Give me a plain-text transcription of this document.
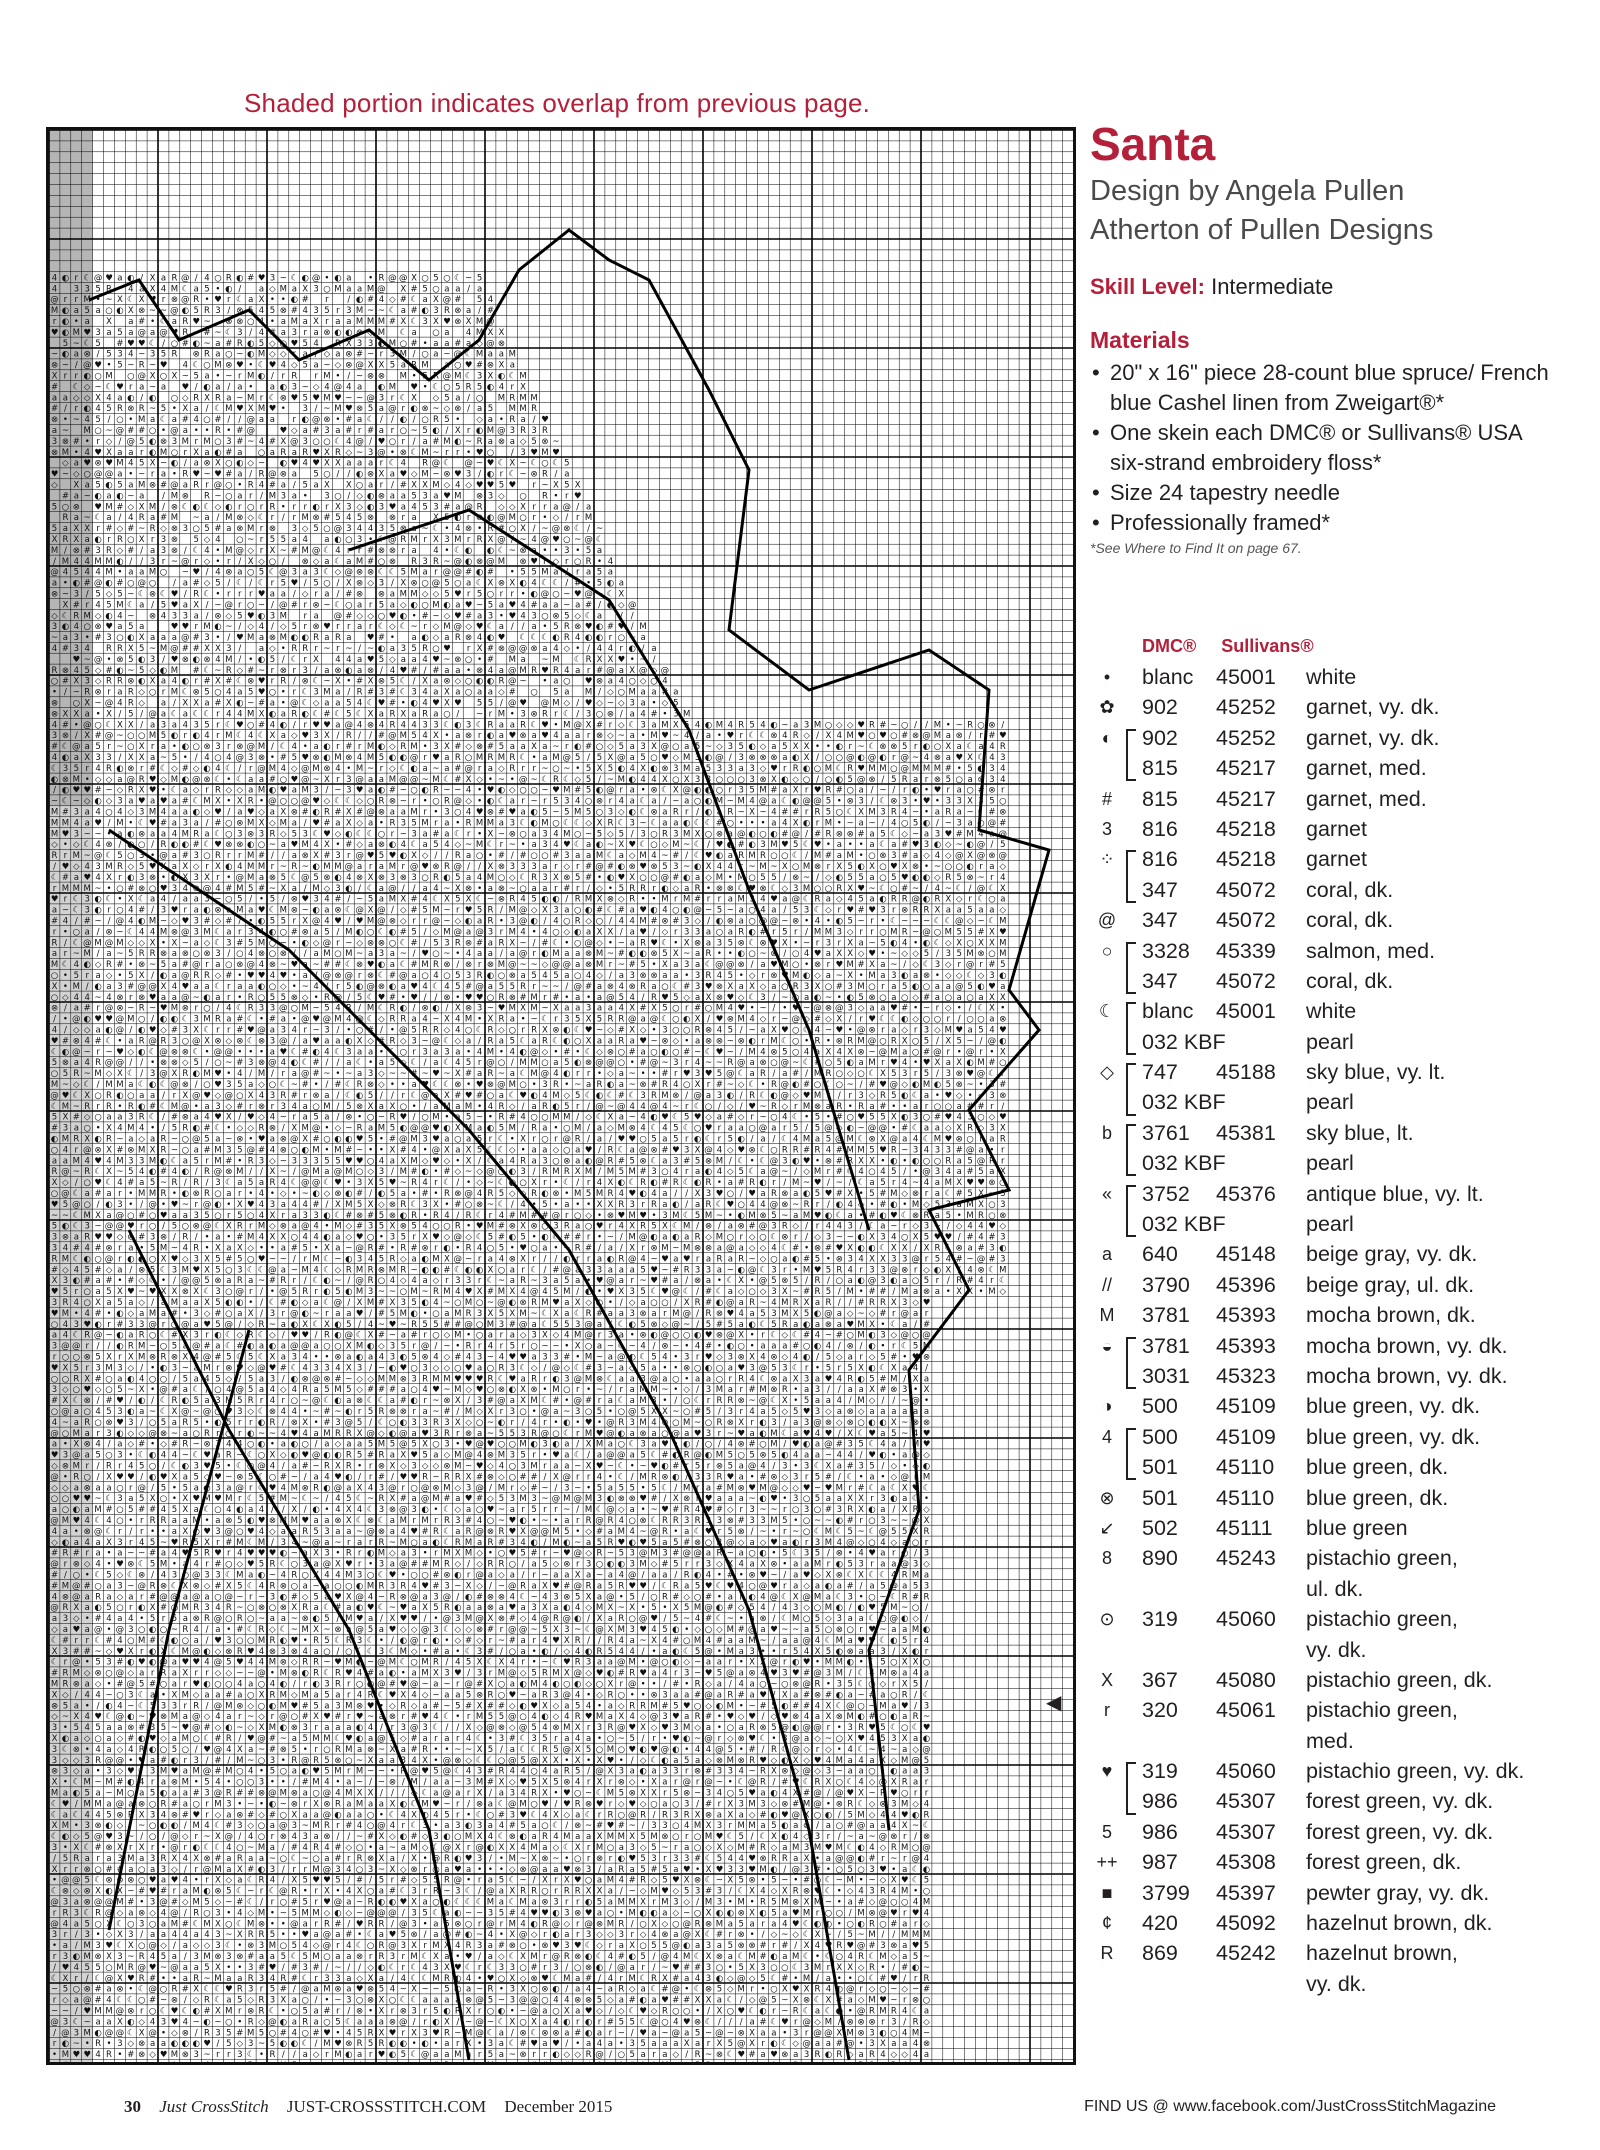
Shaded portion indicates overlap from previous page.
4 ◐ r ☾ @ ♥ a ◐ / X a R @ / 4 ○ R ◐ # ♥ 3 ~ ☾ ◐ @ • ◐ a • R @ @ X ○ 5 ○ ☾ ~ 5
4 3 3 5 R 4 a X 4 M ☾ a 5 • ◐ / a ◇ M a X 3 ○ M a a M @ X # 5 ○ a a / a
@ r r M • ~ X ☾ X ♥ r ⊗ @ R • ♥ r ☾ a X • • ◐ # r / ◐ # 4 ◇ # ☾ a X @ # 5 4
M ◐ a 5 a ○ ◐ X ⊗ ~ ~ @ ◐ 5 R 3 / ⊗ 5 4 5 ⊗ # 4 3 5 r 3 M ~ ~ ☾ a # ◐ 3 R ⊗ a / #
r ◐ • a X a # • ☾ a R ♥ ~ ⊗ ⊗ ○ 4 • a M a X r a a M M M # X ☾ 3 X ♥ ⊗ X M @
♥ ◐ M ♥ 3 a 5 a @ a @ ♥ R ~ # ~ ☾ 3 / 4 # a 3 r a ⊗ ◐ ◐ ⊗ ◇ M ☾ a ○ a 4 M X X
5 ~ ☾ 5 # ♥ ♥ ☾ / ○ # ◐ ~ a # R ◐ 5 ◇ ○ ♥ 5 4 R X 3 3 ◐ M ○ # • a a # a ◇ @ ⊗
~ ◐ a ⊗ / 5 3 4 ~ 3 5 R ⊗ R a ○ ~ ◐ M ◇ ◇ r a / ◇ a ⊗ # ~ r 3 M / ○ a ~ @ ☾ M a a M
⊗ ~ / @ ♥ • 5 ~ R ~ ♥ 4 ☾ ○ M ⊗ ♥ • ☾ ♥ 4 ◇ 5 a ~ ◇ ⊗ @ X X 5 a R M a ○ ♥ # ⊗ X a
X r r ◐ ○ M ○ @ X ○ X ~ 5 a • ~ r M ◐ / r R r M • / ~ ⊗ ⊗ M • 5 R @ M ☾ 3 X ◐ ☾ M
# ☾ ◇ ~ ☾ ♥ r a ~ a ♥ / ◐ a / a • a ◐ 3 ~ ◇ 4 @ 4 a ◐ M ♥ • ☾ ○ 5 R 5 ◐ 4 r X
a a ◇ ◇ X 4 a ◐ / ◐ ○ ◇ R X R a ~ M r ☾ ⊗ ♥ 5 ♥ M ♥ ~ ~ @ 3 r ☾ X ◇ 5 a / ○ M R M M
# / r ◐ 4 5 R ⊗ R ~ 5 • X a / ☾ M ♥ X M ♥ • 3 / ~ M ♥ ⊗ 5 a @ r ◐ ⊗ ~ ◇ ⊗ / a 5 M M R
⊗ • ~ 4 5 / ○ • M a ☾ a # 4 ○ # / / @ a a r ◐ @ ⊗ • # a ☾ / / ◐ / ○ R 5 • ◇ a • R a / ♥
a ~ M ○ ~ @ # # ○ • @ a • • R • # @	♥ ◇ a # 3 a # r # a r ○ ~ 5 ◐ / X r ◐ M @ 3 R 3 R
3 ⊗ # • r ◇ / @ 5 ◐ ⊗ 3 M r M ○ 3 # ~ 4 # X @ 3 ○ ○ ☾ 4 @ / ♥ ○ r / a # M ◐ ~ R a ⊗ a ◇ 5 ⊗ ~
⊗ M • 4 ♥ X a a r ◐ M ○ r X a ◐ # a ○ a R a R ♥ X R ◇ ~ 3 @ • ⊗ ☾ M ~ r r • ♥ ○ / 3 ♥ M ♥
◇ a ♥ ⊗ ♥ M 4 5 X ~ ◐ / a ⊗ X ○ ◐ ◇ ~ ◐ ♥ 4 ♥ X X a a a r ☾ 4 R @ ☾ @ ~ ♥ ☾ X ~ ☾ ○ ☾ 5
♥ ~ ◇ ○ @ @ a • ~ r a • R ♥ ~ ♥ # a / R @ ⊗ a 5 ○ / / ◐ ⊗ X a ♥ ◇ M ~ ⊗ ♥ 3 / ◐ r ☾ ~ ⊗ R / a
◇ X a 5 ◐ 5 a M ⊗ # @ a R r @ ○ • R 4 # a / 5 a X X ○ a r / # X X M ◇ 4 ◇ ♥ ♥ 5 ♥ r ~ X 5 X
# a ~ ◐ a ◐ ~ a / M ⊗ R ~ ○ a r / M 3 a • 3 ○ / ◇ ◐ ⊗ a a 5 3 a ♥ M ⊗ 3 ◇ ○ R • r ♥
5 ○ ⊗ ♥ M # ◇ X M / ⊗ ☾ ◐ ☾ ◇ ◐ r ○ r R • r r ◐ r X 3 ◇ ◐ 3 ♥ a 4 5 3 # a @ R ◇ ◇ X r r a @ / a
R a ~ ☾ a / 4 R a # M ~ a / M ⊗ ◇ ☾ r / r M ⊗ # 5 4 5 ⊗ ⊗ r a X 5 ◐ r ⊗ ◐ @ M ○ r • ◇ / r M
5 a X X r # ◇ # ~ R ◇ ⊗ 3 ○ 5 # a ⊗ M r ⊗ 3 ◇ 5 ○ @ 3 4 4 3 5 ⊗ a ~ ☾ • 4 ⊗ • R # ○ X / ~ @ ⊗ ☾ / ~
X R X a ◐ r R ○ X r 3 ⊗ 5 ◇ 4 ○ ~ r 5 5 a 4 a ◐ ○ 3 • ☾ @ R M r X 3 M r R X @ / ~ 4 @ ♥ ○ ~ @ ☾
M / ⊗ # 3 R ◇ # / a 3 ⊗ / ☾ 4 • M @ ◇ r X ~ # M @ ☾ 4 r r # ⊗ ⊗ r a 4 • ☾ ◐ ◐ ☾ ~ ⊗ a • • 3 • 5 a
/ M 4 4 M M ◐ / / 3 r ~ @ r ◇ • r / X ◇ ○ / ⊗ ◇ a ☾ a M # ○ ⊗ R 3 R ~ @ ◐ ⊗ @ M ⊗ ♥ r ◇ r ○ R • 4
@ 4 5 4 4 M • a a M ○ ~ ♥ / 4 ⊗ a ○ 5 ☾ @ 3 a 3 ☾ ◇ @ ⊗ ⊗ ☾ ☾ 5 M a r @ @ # ◐ # • 5 5 M a / r a 5 a
a • ◐ # @ ◐ # ○ @ ○ / a # ◇ 5 / ☾ / ☾ r 5 ♥ / 5 ○ / X ⊗ ◇ 3 / X ⊗ ○ @ 5 ○ a ☾ X ⊗ X ◐ 4 ☾ ☾ / # • 5 ◐ a
⊗ ~ 3 / 5 ◇ 5 ~ ☾ ⊗ ☾ ♥ / R ☾ • r r r ♥ a a / ◇ r a / # ⊗ ⊗ a M M ◇ ◇ 5 ♥ r 5 ○ r r • ◐ @ ○ ~ ♥ @ ~ ☾ X
X # r 4 5 M ☾ a / 5 ♥ a X / ~ @ r ○ ~ / @ # r ⊗ ~ ☾ ○ a r 5 a ◇ ◐ ○ M ◐ a ♥ ~ 5 a ♥ 4 # a a ~ a # / ◐ ◇ @
◇ ☾ R M ◇ ◐ 4 ~ ⊗ 4 3 3 a / ⊗ ◇ 5 ♥ ◐ 3 M r a @ # ◇ ◇ ○ ♥ ◐ • # ~ ◇ ♥ # a 3 • ♥ 4 3 ○ ⊗ 5 ◇ ☾ a / /
3 ◐ 4 ○ ⊗ ♥ a 5 a	♥ ♥ r M ◐ ~ / ◇ 4 / ◇ 5 r ⊗ ♥ r r a r ☾ ◇ ☾ ~ r ◇ M @ ◇ ♥ ☾ a / / a • 5 R ⊗ ♥ ◐ # ♥ / M
~ a 3 • # 3 ○ ◐ X a a a @ # 3 • / ♥ M a ⊗ M ◐ ◐ R a R a ♥ # • a ◐ ◇ a R ⊗ 4 ◐ ♥ ☾ ☾ ☾ ◐ R 4 ◐ ◐ r ○ ~ a
4 # 3 4 R R X 5 ~ M @ # # X X 3 / a ◇ • R R r ~ r ~ / ~ ◐ a 3 5 R ○ ♥ r X # ⊗ @ @ ⊗ a 4 ◇ • / 4 4 r ◐ / a
♥ ~ @ • ⊗ 5 ◐ 3 / ♥ ⊗ ◐ ⊗ 4 M / • ◐ 5 / ☾ r X 4 4 a ♥ 5 ◇ a a 4 ♥ ~ ⊗ ○ • # M a ~ M ☾ R X X ♥ • ~ /
R ⊗ 4 5 ◇ # ◐ ~ 5 ◇ ◐ M # ☾ ~ R ◇ # ~ r ⊗ r 3 / a ⊗ ◐ a ⊗ / 4 ♥ # / # a a • ⊗ 4 a @ M R ♥ R 4 a r # @ a X @ ◇ @
○ # X 3 ◇ R R ⊗ ◐ X a 4 ◐ r # X # ☾ ⊗ ♥ r R / ⊗ ☾ ~ X • # X ⊗ 5 ☾ / X a ⊗ ◇ ○ ◐ ◐ R @ ~ • a ○ ♥ ⊗ a 4 ○ ◇ ○ 4
• / ~ R ⊗ r a R ◇ ○ r M ☾ ⊗ 5 ○ 4 a 5 ♥ ○ • r ☾ 3 M a / R # 3 # ☾ 3 4 a X a ○ a a ◇ # ○ 5 a M / ◇ ○ M a a # a
⊗ ○ X ~ @ 4 R ◇ a / X X a # X ◐ ~ # a • @ ☾ ◇ a a 5 4 ☾ ♥ # • ◐ 4 ♥ X ♥ 5 5 / @ ♥ @ M ◇ / ♥ ◇ ~ ◇ 3 a • ◇ 5
⊗ X X a • X / 5 / @ a ☾ a ☾ ☾ r 4 4 M X ◐ a R ◐ ☾ # ☾ 5 ☾ X a R X a R a ○ / ~ r M • 3 ⊗ R r ☾ / 3 ○ ⊗ / a 4 # • 3 M
4 # • @ ○ ☾ X X / a 3 a 4 3 5 r ☾ ♥ ○ # 4 ◐ / r ♥ ♥ a @ 4 ⊗ 4 R 4 4 3 3 ☾ ◐ 3 ☾ R a a R ☾ ♥ • M @ X # r ◇ ☾ 3 a M X 5 4 ◐ M 4 R 5 4 ◐ ~ a 3 M ○ ◇ ◇ ♥ R # ~ ○ / / M • ~ R ○ ⊗ /
3 ⊗ / X # @ ~ ○ ○ M 5 ◐ r ◐ 4 r M ☾ 4 ☾ X a ◇ ♥ 3 X / R / / # @ M 5 4 X • a ⊗ r ◐ a ♥ ⊗ a ♥ 4 a a r ⊗ ◇ ~ a • M ♥ ~ 4 / a • ♥ r ☾ ☾ ⊗ 4 R ◇ / X 4 M ♥ ○ ♥ ○ # ⊗ @ M a ⊗ / r # ♥
# ☾ @ a 5 r ~ ○ X r a • ◐ ○ ⊗ 3 r ⊗ @ M / ☾ 4 • a ◐ r # r M ◐ ◇ R M • 3 X # ◇ ⊗ # 5 a a X a ~ r ◐ # ○ ◇ 5 a 3 X @ ○ a 5 ~ ◇ 3 5 ◐ ◇ a 5 X X • • ◐ r ~ ☾ ⊗ ⊗ 5 r ◐ ○ X a ☾ a 4 R
4 ◐ a X 3 3 / X X a ~ 5 • / 4 ○ 4 @ 3 ⊗ • # 5 ♥ ⊗ ◐ M ⊗ 4 M 5 ◐ ◐ @ r ♥ a R ○ M R M R ☾ • a M @ 5 / 5 X @ a 5 ○ ♥ ◇ M 3 ◐ @ / 3 ⊗ ⊗ ⊗ a ◐ X / ○ ○ @ ◐ @ ◐ r @ ~ 4 ⊗ a ♥ X ☾ 4 3
☾ 3 5 r 4 R ◐ ⊗ r # ☾ ◇ # ◇ ◐ 4 ☾ / r @ M 4 ◇ @ M ⊗ 4 • M ~ r ◇ ☾ ◐ a ~ a # @ r a ◇ R r r ~ ○ ~ • 5 X 5 ◐ 4 X ◐ ⊗ 3 M a 5 3 3 a 3 ◇ ♥ r R ◐ ○ M ☾ R ♥ M M ○ @ M M M # • 5 ◐ 3 4
◐ ⊗ M • ◇ ◇ a @ R ♥ ◇ M ◐ @ ⊗ ☾ • ☾ a a # ○ ♥ @ ~ X r 3 @ a a M @ @ ~ M ☾ # X ◇ • ~ • @ ~ ☾ R ☾ ◇ 5 / ~ M ◐ 4 4 X ○ X 3 3 ○ ○ ○ 3 ⊗ X ◐ ◇ ○ / ○ ◐ 5 @ ⊗ / 5 R a r ⊗ 5 ○ a ⊗ 3 4
/ ◐ ♥ ♥ # ~ ◇ R X ♥ • ☾ a ◇ r R ◇ ◇ a M ◐ ♥ a M 3 / ~ 3 ♥ a ◐ # ~ ○ ◐ R ~ ~ 4 • ♥ ◐ ◇ ○ ○ ~ ♥ M # 5 ◐ @ r a • ⊗ ☾ X @ ◐ ◐ ○ r 3 5 M # a X r ♥ R # ○ a / ~ / r ◐ • ♥ r a ○ # ⊗ r
~ ☾ ~ ◇ ◐ ◇ 3 a ♥ a ♥ a # ☾ M X • X R • @ ○ ○ @ ♥ ◇ ☾ ☾ ◇ ○ R ⊗ ~ r • ○ R @ ◇ • ◐ ☾ a r ~ r 5 3 4 ○ ⊗ r 4 a ☾ a / ~ a ○ ◐ M ~ M 4 @ a ☾ ◐ @ @ 5 • ⊗ 3 / ☾ ⊗ 3 • ♥ • 3 3 X 3 5 ○
M # 3 a 4 ○ 4 ◇ 3 M 4 a a ◐ ◇ ♥ / a ♥ ◇ a X ⊗ # ◐ R # X # @ ⊗ a a M r • 3 ○ 4 ♥ ⊗ # ♥ a ◐ 5 ~ 5 M 5 ○ 3 ◇ ◐ ☾ ⊗ a R r / ◐ a R ~ X ~ 4 # # r R 5 ○ ☾ X M 3 R 4 ~ • a R a ~ ☾ # ⊗
M M 4 a ♥ / M • ☾ ♥ # a 3 a / # ○ ⊗ M X ◇ M a / ♥ # a X ◇ a • R 3 5 M r a • R M M a 3 ☾ ◐ M ○ ☾ ☾ ◇ X R ☾ 3 ~ ☾ a a ◐ ☾ ☾ # ○ • • • a 4 X ◐ r M • ~ a ~ / 4 ○ 5 ◐ / ~ 3 a ○ @ #
M ♥ 3 ~ ~ • a ◐ ⊗ a a 4 M R a ☾ ○ 3 ⊗ 3 R ◇ 5 3 ☾ ♥ ◇ ◐ ☾ ☾ ○ r ~ 3 a # a ☾ r • X ~ ⊗ ○ a 3 4 M ○ ~ 5 ◇ 5 / 3 ○ R 3 M X ○ ⊗ a @ ◐ ○ ◐ # @ / # R ⊗ ⊗ # a 5 ☾ ◇ ~ a 3 ♥ # M 4 a @
◇ • ◇ ☾ 4 ⊗ / ◐ ○ / R ◐ ◐ # ☾ ♥ ⊗ ⊗ ◐ ○ ~ a ♥ M 4 X • # ◇ a ⊗ ◐ 4 ☾ a 5 4 ◇ ~ M ☾ r ~ • a 3 4 ♥ ☾ a ◐ ~ X ♥ ☾ ○ ◇ M ~ ☾ / ♥ ◐ # ◐ 3 M ♥ 5 ☾ ♥ • a • • a ☾ a # ♥ 3 ◐ ◇ ~ ◐ @ / 5
R r M ~ @ ☾ 5 ○ 3 • @ a # 3 ○ R r r M # / / a ⊗ X # 3 r @ ♥ 5 ♥ ◐ X ◇ / / R a ○ • # / # ○ ○ # 3 a a M ☾ a ◇ M 4 ~ # / ☾ ♥ ◐ a R M R ○ ○ ☾ / M # a M • ○ ⊗ 3 # a ◇ 4 ◇ @ X @ ⊗ @
/ ♥ ◇ 4 3 M R ◇ 5 ♥ X a X ◇ r X ◐ 4 M M r ~ R ~ ◐ M M @ a r a M r @ ♥ ⊗ R @ / / X ⊗ 3 3 3 a r ◇ r # @ # ◐ ⊗ ♥ ⊗ 5 3 ~ ◐ X 4 4 r ~ M ~ X ○ M ⊗ r X 5 ◐ X ○ ♥ X ⊗ • ~ ○ ○ ◐ r a ◇
☾ # a ♥ 4 X r ◐ 3 ⊗ • ◐ X 3 X r • @ M a ⊗ 5 ☾ @ 5 ⊗ ◐ 4 ⊗ X ⊗ 3 ⊗ 3 ○ R ◐ 5 a 4 M ○ ◇ ☾ R 3 X ⊗ 5 # • ◐ ♥ X ○ ○ @ # ◐ a ◇ M • M ○ 5 5 / ⊗ ~ / ◇ ◐ 5 5 a ○ 5 ♥ ◐ ◐ ◇ R 5 ⊗ ~ r 4
r M M M ~ • ○ # ⊗ ○ ♥ 3 4 ⊗ @ 4 # M 5 # ~ X a / M ◇ 3 ◐ / ☾ a @ / / a 4 ~ X ⊗ • a ⊗ ~ ○ a a r # r / ◇ • 5 R R r ◐ ◇ a R • ⊗ ⊗ ☾ ♥ ⊗ ☾ ◇ 3 M ○ ○ R X ♥ ~ ☾ ○ # ~ / 4 ~ ☾ / @ ☾ X
♥ r ☾ 3 ◐ ☾ • X ☾ a 4 / a a 3 ~ ○ 5 / • 5 / ⊗ ♥ 3 4 # / ~ 5 a M X # 4 ☾ X 5 X ☾ ~ ⊗ R 4 5 ◐ ◐ / R M X ⊗ ◇ R • • M r M # r r a M 3 4 ♥ a @ ☾ R a ◇ 4 5 a ◐ R R @ ◐ R X ◇ r ☾ ○ a
a ~ ☾ 3 ◐ r ○ 4 # / 3 ♥ r a ◐ ⊗ a M a ♥ ☾ M ⊗ ~ ◐ a ⊗ ☾ @ X @ / ◇ # 5 M ~ r ♥ 5 R / M @ ◇ X 3 a ○ ◐ # ☾ # a ♥ ◐ 4 ○ ◐ @ ~ 5 ~ a ○ 4 a / 5 3 ☾ ◇ r ♥ # ♥ 3 r ⊗ R R X a a 5 a a ◇
# 4 / # ~ / @ 4 ◐ M ~ ◇ ♥ 3 # ◇ # / • ◐ 5 5 r X @ 4 ♥ / ♥ M @ ⊗ ◇ r r @ ~ ◇ ◐ a R • 3 @ ◐ / 4 ○ R ◇ ○ / 4 4 M # ⊗ # 3 ◇ / ◐ ⊗ a ○ @ @ ~ ⊗ • 4 • ◐ 5 ~ r • ☾ ~ ~ ~ ☾ ☾ @ ◇ ~ ☾ M
r • ○ a / ⊗ ~ ☾ 4 4 M ⊗ @ 3 M ☾ a r 3 4 ◐ ○ # ⊗ a 5 / M ◐ ○ ☾ ◐ # 5 / ◇ M @ a @ 3 r M 4 • 4 ○ ◇ ◐ a X X / a ♥ / ◇ r 3 3 a ○ a R ◐ # r 5 r / M M 3 ◇ r r ○ M R ~ @ ○ M 5 5 # X ♥
R / ☾ @ M @ M ◇ ◇ X • X ~ a ◇ ☾ 3 # 5 M ○ ~ • ◐ ◇ @ r ~ ◇ ⊗ ⊗ ○ ☾ # / 5 3 R ⊗ # a R X ~ / # ☾ • ○ @ ◇ • ~ a R ♥ ☾ • X ⊗ a 3 5 ⊗ ☾ ⊗ ♥ X • ~ r 3 r X a ~ 5 ◐ 4 • ◐ ☾ ◇ X ○ X X M
a r ~ M / a ~ 5 R R ⊗ a ⊗ ○ ⊗ 3 / ○ 4 ⊗ ○ ⊗ / / a M ○ M ~ a 3 a ~ / ♥ ○ ~ • 4 a a / a @ r ◐ M a a ⊗ M ~ # ◐ ◐ ⊗ 5 X ~ a R • • ◐ ○ ~ ⊗ / ○ 4 ♥ a X X ◇ ♥ • ~ ◇ ◇ 5 / 3 5 M ⊗ ○ M
M ☾ 4 ◐ ◇ R # • ⊗ ~ 5 a # @ r a ○ ⊗ @ 4 ⊗ ~ ♥ a ~ # # ☾ ⊗ ♥ ◐ a ☾ # M R ⊗ / ⊗ r ⊗ M @ ~ ~ ◇ @ @ a ⊗ M r ~ # 5 • X a 3 a ☾ @ @ ⊗ / a ♥ M ○ • ⊗ r ♥ M # X a ~ / ◇ ☾ 3 ◇ r @ r # 5
○ • 5 r a ◇ • 5 X / ◐ a @ R R ◇ # • ♥ ♥ 4 ♥ • a / @ ⊗ @ r ⊗ ☾ # @ a ○ 4 ○ 5 3 R ◐ ○ ⊗ a 5 4 5 a ○ 4 ◇ / a 3 ⊗ ⊗ a a • 3 R 4 5 • ◇ r ⊗ ♥ M ◐ ◇ a ~ X • M a 3 ◐ a ⊗ • ◇ ◇ ☾ ◇ 3 ◐
X • M / ◐ a 3 # @ @ X 4 ♥ a a ☾ r a a ◐ ○ ◇ • ~ 4 / r 5 ◐ @ ⊗ ◐ a ♥ 4 ☾ 4 5 # @ a 5 5 R r ~ ~ / @ # a ⊗ 4 ⊗ R a ○ ☾ # 3 ♥ ⊗ X a X ◇ a ○ R 3 X ○ # 3 M ○ r a 5 ◐ ○ a a @ 5 ◐ ♥ a
○ ◇ 4 4 ~ 4 ⊗ r ⊗ ♥ a a @ ~ ◐ a r • R ○ 5 5 ⊗ ◇ • R @ / 5 ☾ ♥ # • ♥ / / ⊗ • ♥ ♥ ○ R ⊗ # M r # • a • a @ 5 4 / R ♥ 5 ◇ a X ⊗ ♥ ◇ ☾ 3 / ~ ○ a ◐ ~ • ◐ 5 ⊗ ○ a ○ ◇ # a ○ a ○ a X X
⊗ / a # r @ ⊗ ~ R ~ ♥ M ⊗ r ○ / 4 ☾ R 3 3 @ ○ M ~ 5 4 R / M ☾ R ◐ / ⊗ ◐ / X ⊗ 3 ~ ♥ M X M ~ X a a 3 a a 4 X # X 5 ○ r # ○ M 4 ♥ • ~ / • ♥ ~ @ ⊗ @ 3 ◇ a a ♥ # • ~ r ◇ • / ☾ X •
/ • @ ◐ ♥ ♥ @ M ○ / ◐ ◐ ☾ 3 M R a # ☾ • # a • @ ♥ @ M 4 @ ☾ ◇ R R a 4 ~ X 4 M • X R a • ~ ☾ r 3 5 X 5 R R @ a @ ☾ ○ ◐ X / ♥ ⊗ M 4 ◇ r ~ @ ◇ # ◇ X / r ♥ ☾ ☾ ◐ ◇ ○ ○ r / ○ ○ a ⊗
4 / ◇ ◇ a ◐ @ / ◐ ♥ ◇ # 3 X ☾ r r # ♥ @ a 3 4 r ~ 3 / • ○ # / • @ 5 R R ◇ 4 ○ ☾ R ◇ ○ r R X ⊗ ◐ ☾ ♥ ~ ◇ # X ◇ • 3 ○ ○ R ⊗ 4 5 / ~ a X ♥ ○ ☾ 4 ~ ♥ • @ ⊗ r a ◇ r 3 ◇ M ♥ a 5 4 ♥
♥ # ⊗ 4 # ☾ • a R @ R 3 ○ @ X ⊗ ◇ ⊗ ☾ ⊗ 3 @ / a ♥ a a ◐ X ◇ # R ◇ 3 ~ @ ☾ ◇ a / R a 5 ☾ a R ☾ ◐ ○ X a a R a ♥ ~ ⊗ ◇ • a ⊗ ⊗ ~ ⊗ ◐ r M ☾ ○ • R • ⊗ R M @ ○ R X ○ 5 / X 5 ~ / @ ◐
☾ ◐ @ ~ r ~ ♥ ◇ ◐ ☾ @ ⊗ ⊗ ☾ • @ @ • • • a ♥ ☾ # ◐ 4 ☾ 3 a a • ☾ ○ r 3 a 3 a • 4 M • 4 ◐ @ ◇ • # • ☾ ◇ ⊗ ○ # a ○ ◐ ○ # ~ ☾ ♥ ~ / M 4 ⊗ 5 ○ 4 a X 4 X ⊗ ~ @ M a ○ # @ r • @ r • X
5 ⊗ a 4 R @ @ / / • ⊗ ⊗ ◇ 5 / ○ ~ # 3 ⊗ @ 4 ◐ ☾ # / / a ☾ • a 5 ◇ ☾ / a ☾ 4 5 r @ ○ / M M ○ a 5 ◐ ⊗ @ @ ○ • # @ ~ 3 r 4 ~ ~ R @ a ⊗ ○ @ ~ ☾ # ○ 5 ◐ a M r ♥ 4 • ♥ X a X ◐ M # ○
○ 5 R ~ M ◇ X ☾ / 3 @ X R ◐ M ♥ • 4 / M / r a @ # ~ • ~ a 3 ◇ ~ ~ # ~ ♥ ~ X # a R ~ a ☾ M @ 4 ◐ r r • ◇ a ~ • • # r ♥ 3 ♥ 5 @ ☾ a R / a # / M R ○ ◇ ○ ☾ X 5 3 r 5 / 3 ⊗ ♥ @ ☾ r
M ~ ◇ ☾ / M M a ☾ ◐ ☾ @ ⊗ / ○ ♥ 3 5 a ◇ ○ ☾ ~ # • / # ☾ R ⊗ ◇ • • a ♥ ☾ ☾ ⊗ • ♥ ⊗ @ M ○ • 3 R • ~ a R ◐ a ~ ⊗ # R 4 ○ X r # ~ ◇ ☾ • R @ ◐ # ○ ☾ ○ ~ / # ♥ @ ◇ ◐ M ◐ 5 ⊗ ~ • 3 #
@ ♥ ☾ X ○ R ◐ ○ a a / r X @ ♥ ◇ @ ○ X 4 3 R # r ⊗ a / ☾ ◐ 5 / / r ☾ @ a X # ♥ # ○ a ☾ ♥ ◐ 4 M ◇ 5 ☾ ◐ ☾ # ☾ 3 R M ⊗ / @ a 3 ◐ / R ☾ ◐ @ ◇ ♥ M r / r 3 ◇ R 5 ◐ ☾ a • ♥ ◇ • ~ 3 ⊗
☾ M ~ R r R • R ◐ # ☾ M @ • a 3 ◇ # r ⊗ r 3 4 a ○ M / 5 ⊗ X a X ○ • / a M a M • 4 R ◇ / a R ◐ 5 r / @ ~ @ 4 4 @ 4 ~ r ☾ ○ / ◇ / ♥ ~ R ◇ r M ⊗ a R • R a # • • a r ○ ○ a # # r /
5 X # ◇ ○ a a 3 R ☾ / # ⊗ a 4 ♥ X / ♥ ◇ 4 ~ r a 5 a / ⊗ • ○ ~ R ♥ / ○ M • a 5 ~ • R # 4 ○ ○ M M / ◇ ☾ X a ~ 4 ◐ ♥ ☾ 5 ♥ ◇ a # ◇ r ~ ○ 4 ☾ • 5 • # ○ ♥ 5 5 X ◐ 3 ○ # ♥ 4 3 ○ ◇ ♥
# 3 a ○ • X 4 M 4 • / 5 R ◐ # ☾ • ◇ ◇ R ⊗ / X M @ • ◇ ~ R a M 5 ◐ @ @ ♥ ◐ X M a ◐ 5 M / R a • ○ M / a ◇ M ⊗ 4 ☾ 4 5 ☾ ○ ♥ r a a ○ @ a r 5 / 5 @ ◇ ◐ ~ @ @ • # ☾ a a ◇ X R ◇ 3 X
◐ M R X ◐ R ~ a ◇ a R ~ ○ @ 5 a ~ ⊗ • ♥ a ⊗ @ X # ○ ◐ ◐ ♥ 5 • # @ M 3 ♥ a ○ a 5 r ☾ • X r ○ r @ R / a / ♥ ♥ ○ 5 a 5 r ◐ ☾ r 5 ◐ / a / ☾ 4 M a 5 @ M ☾ ⊗ X @ a 4 ☾ M ♥ ⊗ ○ r a R
○ 4 r @ ⊗ X # ⊗ M X R ~ ○ a # M 3 5 @ # 4 ⊗ ○ ◐ M • M # ~ • • X # 4 • @ X a X 5 ☾ ☾ ◇ • a a ◇ ○ a ♥ / R ☾ a @ ⊗ # ♥ 3 X @ 4 ◇ ♥ ⊗ ☾ ○ R R # R 4 # M M 5 ♥ R ~ 3 4 3 3 # @ a • r
a a M 4 ♥ 4 M 3 3 M ◐ ☾ a 5 r M # • R 3 ◇ ~ 3 3 3 5 5 ♥ ♥ ○ 4 a X M ◇ ♥ ◇ • X / ☾ a 4 R a 3 ○ ⊗ a ◐ @ R # 5 ⊗ ☾ a 3 # 5 ⊗ M / ☾ • ☾ @ 3 ◐ ♥ • ⊗ # R X X • ◐ • ◐ ○ ○ R a 5 @ R r
R @ ~ R ☾ X ~ 5 4 ◐ # 4 ◐ / R @ ⊗ M / / X ~ / @ M a @ M ○ ◇ 3 / M # ◐ • # ◇ ~ ◇ @ ○ ◐ 3 / R M R X M / M 5 M # 3 ○ 4 r a ◐ 4 ◇ 5 ☾ a @ ~ / ◇ M r # ☾ 4 ○ 4 5 / • @ 3 4 a # 5 a X
X ◇ / ○ ♥ ☾ 4 # a 5 ~ R / R / 3 ☾ a 5 a R 4 ☾ @ @ ☾ ♥ • 3 X 5 ♥ ~ R 4 r ☾ / • ◇ ~ ☾ ◐ ○ X r • ☾ / r 4 X ◐ ☾ R ◐ # R ☾ ◐ R • a # R ◐ r / M ~ ♥ / ~ / ☾ a 5 r 4 ~ 4 a M X ♥ ♥ ⊗ ○
○ @ ☾ a # a r • M M R • ◐ ⊗ R ○ a r • 4 • ◇ • ~ ◐ ◇ ⊗ ◐ # / ◐ 5 a • # • R ⊗ @ 4 R 5 ◇ ◇ R ◐ ⊗ • M 5 M R 4 ♥ ◐ 4 a / / X 3 ♥ ○ / ♥ a R ⊗ a ◐ 5 ♥ # X • 5 # M ◇ ⊗ r a ☾ # 5 X ~ 3
♥ 5 @ ○ / ◐ 3 • / @ • ♥ ~ r @ ◐ • X ♥ 4 3 a 4 4 # / X M 5 X ◇ ⊗ R ☾ 3 X • # ○ ⊗ ~ ☾ / 4 • 5 • a • • X X R 3 r R a ◐ / a R ☾ ♥ ○ 4 4 @ ⊗ ~ R r / ◐ 4 ◇ • # ◐ • M ◇ 5 3 a M X ○ 3
~ ~ ☾ M X a @ ○ # ○ ♥ a a 3 5 ○ r 5 ○ 4 X r a 3 3 ◐ ☾ # ⊗ # 5 ⊗ ◐ R • R 4 / R ☾ r 4 # M # # @ r ○ ◇ • ⊗ ♥ M ♥ • 3 M ☾ 5 M ~ • ◐ M ⊗ 5 ~ a M ♥ ◐ ☾ a • # ◐ ♥ ☾ ⊗ R a 5 • M R ○ ⊗
5 ◐ ☾ 3 ~ @ @ ♥ r ○ / 5 ○ ⊗ @ ☾ X R r M ◇ ⊗ a @ 4 • M ◇ # 3 5 X ⊗ 5 4 ○ ○ R • ♥ M # ⊗ X ⊗ ○ 3 R a ○ ♥ r 4 X R 5 X ☾ M / ⊗ / a ⊗ # @ 3 R ◇ / r 4 4 3 / ☾ a ~ r ◇ 3 ~ / ◇ 4 4 ♥ ◇
3 ⊗ a R ♥ ♥ ◇ ⊗ # 3 ⊗ / R / • a • # M 4 X X ○ 4 4 ◐ a ◇ ♥ ○ • 3 5 r X ♥ ◇ @ ◇ ☾ 5 # ◐ 5 • ◐ ☾ # # r • ~ / M @ ◐ a ◐ a R ◇ M ○ r ◇ ○ ☾ ⊗ r / ◇ 3 ~ ~ ◐ X 3 4 ○ X 5 ♥ ♥ / # 4 # 3
3 4 # 4 # ⊗ r a • 5 M ~ 4 R • X a X ◇ • • a # 5 • X a ~ @ R # • R # ⊗ r ◐ • R 4 ○ 5 • ♥ ○ a • ~ R # / a / X r ⊗ M ~ M ⊗ ⊗ a @ a ◇ ◇ 4 ☾ # • ⊗ # ♥ X ◐ ◐ ☾ X X / X R ☾ ⊗ a # 3 ◐
R M ☾ ◐ ○ @ r ◐ ◐ ○ X ♥ ◇ 3 X 5 # 5 ○ ♥ ~ ~ / r M ☾ ~ ◐ 3 4 5 R ◇ a ◐ M X @ ~ r a 4 ⊗ X r / / ◐ r r a ◐ R @ 4 ~ ♥ a ♥ r a R a R ~ ◇ ○ a ◐ # 5 • ⊗ 3 4 X X 3 3 @ r 5 4 # ~ @ # 3
# ◇ 4 5 # ◇ a / ⊗ 5 ☾ 3 M ♥ X 5 ○ 3 ☾ ☾ @ a ~ M 4 ☾ ◇ R M R ⊗ M R ~ ◐ ◐ # ☾ ◐ ◐ X ○ a r ☾ / # @ a 3 3 a a a 5 ♥ ~ # R 3 3 a ~ ◐ @ ☾ 3 r • M ♥ 5 R 4 r 3 3 @ ⊗ r ◇ ◐ X / 4 ⊗ ☾ M
X 3 ◐ # a # • # ◇ ☾ • / @ @ 5 ⊗ a R a ~ # R r / ☾ ◐ ~ / @ R ○ 4 ◇ 4 a ◇ r 3 3 r ☾ ~ a R ~ 3 a 5 a • ♥ @ a r ~ ♥ # a / ⊗ a • ☾ X • @ 5 ⊗ 5 / R / ○ a ◐ @ 3 ◐ a ○ 5 r / R # 4 r ☾
♥ 5 r ○ a 5 X ♥ ~ ♥ X X ⊗ X ☾ 3 ○ @ r / • @ 5 R r ◐ 5 ◐ M 3 ~ ~ ○ M ~ R M 4 ♥ X # M X 4 @ 4 5 M / ◐ • ♥ X 3 5 ☾ ♥ @ ☾ / # ☾ a ◇ ○ ◇ 3 X ~ # R 5 / M • # # / M a ⊗ a • X X • M ◇
3 R 4 ○ X a 5 a ◇ / a M a a X 5 ◐ ◐ • / ☾ # ◐ ◇ a ☾ @ / X M # X 3 5 ◐ 4 ~ ○ M ○ ~ @ ◐ ⊗ R M ♥ a X ◇ ◐ • / ◇ a ○ ○ / X R # ◐ @ a R ~ 4 M R X a R / / # R R X 3 ◇ ♥
♥ M • 4 # • ◐ ◇ a M a # • 3 ◇ # ○ a X / 3 r @ ◐ ~ r a a ♥ / # 5 M ◐ • ○ a M R 3 X 5 X M ~ ☾ X a ☾ R # a a 3 ⊗ a r M @ / R ⊗ ♥ 4 a 5 3 M X 5 ◐ @ a ◇ ~ ◇ # r @ a r
○ 4 3 ♥ ◐ r # 3 3 @ r ○ @ a ♥ 5 @ / ◇ R ~ a ◐ X ☾ X ◐ 5 / 4 ~ ♥ ~ R 5 5 # # @ ○ M 3 # @ a ☾ 5 5 3 @ a / ☾ ◐ 5 ⊗ ◇ @ ~ / 5 # 5 a ◐ ☾ 5 R a ◐ a ⊗ a ♥ M X • ☾ a / #
a 4 ☾ R @ ~ ◐ a R ○ ☾ # X 3 r ◐ ☾ ◇ R ☾ ◇ / ♥ ♥ / R ◐ @ ☾ X # ~ a # r ○ ◇ M • ○ a r a ◇ 3 X ◇ 4 M @ r 3 a • ⊗ ◐ @ ○ ○ ◐ ♥ ⊗ @ X • r ☾ ◇ ☾ # 4 ~ # ○ M ◐ 3 ◇ @ ○ @
3 @ @ r / / ◐ R M ~ ○ 5 a @ # a ☾ # ◐ a ◐ a @ @ a ○ ○ X M ◐ ◇ 3 5 r @ / ~ • R r 4 r 5 r ○ ~ ~ • X ○ a ~ ☾ ~ 4 / ⊗ ~ • 4 # • ◐ ○ • a a a # ○ ◐ 4 / ⊗ / ◐ • r ☾ 5 M
r ○ ○ ⊗ 5 X r X M ⊗ R ⊗ X 4 @ # 5 ☾ 5 ☾ X a 3 4 • • ⊗ a ◐ a 4 3 ◐ 5 ⊗ 4 ◇ # 4 3 ~ 4 ♥ ♥ a 3 3 # • M ~ a @ ◐ ☾ 5 4 • 3 r ♥ ◇ 3 ⊗ X 4 ⊗ ◇ 4 ◐ / 5 ◇ a r ◇ 5 # • ♥ ⊗
♥ X 5 r 3 M 3 ◇ / • ◐ 3 ~ a M r ⊗ ♥ ◇ @ ♥ # ☾ 4 3 3 4 X 3 / ~ ◐ ♥ ○ 3 ◇ ◇ ○ ♥ a ○ R 3 ☾ ◇ / @ ◇ ☾ # 3 ~ a ◇ 5 a • • ⊗ ○ ◐ ○ a ♥ 3 @ 5 3 ☾ r • 5 r 5 X ◐ ☾ X a 4 /
○ ○ R X # ○ a ◐ 4 ○ ○ / 5 a 4 5 ◇ / 5 a 3 / ◐ ⊗ @ ⊗ # ~ ◇ ◇ M M ⊗ 3 R M M ♥ ♥ ♥ R ☾ ♥ a R r ◐ 3 @ M ⊗ ☾ a a 3 @ a ○ • a a ○ r R 4 ☾ ⊗ a X 3 a ♥ 4 R ◐ 5 # M / X a
3 ◇ ○ ♥ ◇ ○ 5 ~ X • @ # a ☾ / ○ 4 @ 5 a 4 ◇ 4 R a 5 M 5 ◇ # # # a ○ 4 ♥ ~ M ◇ ♥ ○ ⊗ ◐ X ⊗ • M ○ r • ~ / r a M M ~ • ◇ / 3 M a r # M ⊗ R • a 3 / / a a X # ⊗ 3 • X
# X ☾ ⊗ / # ♥ / ◐ / ☾ R ◐ 5 a 3 M 5 R r 4 r ○ ~ @ ☾ ◐ a ⊗ ☾ ☾ a # ◐ r ~ ⊗ X / 3 # @ a X M ☾ # • @ # r a ☾ a M 3 • / ○ ☾ r R R ⊗ ~ @ ☾ X • 5 a a 4 / M ◇ / / ~ @ •
○ @ a ○ 4 5 3 ◐ a ~ ☾ X @ ~ @ ○ ♥ 3 ◇ ☾ ⊗ 4 4 • ~ # ~ ◐ r 5 R ⊗ ⊗ r a ~ # / M ◇ X r 3 ○ • @ a ~ 3 ○ 5 • ○ @ 5 X X ~ ○ # 5 / 3 r 4 a 5 ◇ 5 ♥ 3 ◇ a ⊗ ◇ a a a a a a
4 ~ a R ○ ⊗ ♥ 3 / ○ 5 a R 5 • ◐ 5 r r ◐ R / ⊗ X • # 3 @ 5 / ☾ ○ ◐ 3 3 R 3 X ◇ ○ ~ ◐ r / 4 r • ◐ • ♥ • @ R 3 M 4 ⊗ ○ M ~ ○ R ⊗ X r ◐ 3 / a 3 @ ⊗ ◇ ⊗ ○ ◐ ◐ X ~ ⊗ ⊗
@ ○ M a r 3 ◐ ◇ ◇ @ ⊗ ~ a ○ R r ○ r ◐ ~ ~ 4 ♥ 4 a M R R X @ ◇ ◐ @ a ♥ 3 R r ⊗ a ~ 5 5 3 R @ ○ ☾ r M ♥ @ ◐ a ⊗ a ○ @ a ♥ 3 r ~ ♥ a ◐ M ☾ a ♥ 4 ♥ / X ☾ ♥ a 5 ~ 4 ♥
a • X ⊗ 4 / a ◇ # • ◇ # R ~ ⊗ 3 4 4 ○ ◐ • a ◐ ○ / a ◇ a a 5 M 5 @ 5 X ○ 3 • ♥ @ ♥ ○ ○ M ◐ 3 ◐ a / X M a ○ ☾ 3 a ♥ • ◐ / ○ / 4 ⊗ # ○ M / ♥ ◐ a @ # 3 5 ☾ 4 a / M ♥
♥ 3 @ a 5 ○ 3 • ☾ ◐ 4 4 ~ ☾ ♥ a R ~ ☾ ○ X ◇ ◐ ♥ @ ◐ ◐ R 5 # R a X ♥ 5 a ◇ M @ 4 ⊗ M 3 5 r • ♥ a ☾ / a @ @ a 5 ☾ # ◐ R @ ◐ M 5 ○ 5 ⊗ 5 ◐ 4 a a ~ 4 4 / ♥ ◐ • a @ ◇
◇ ⊗ M r / R r 4 5 ○ / ☾ ◐ 3 ♥ 5 • ☾ ○ @ 4 / a # ~ R X R • r ⊗ X ◇ 3 ◇ ◇ ⊗ M ~ ♥ ◇ 4 ○ 3 M r a a ~ X ♥ ~ ☾ • ~ ♥ ◐ # r 5 r ⊗ 5 a @ 4 / 3 • 3 ☾ X a # 3 5 / ◇ • ◇ ◐
@ • R ○ / X ♥ ♥ / ◐ ♥ X a 5 ◇ ♥ ~ ⊗ 5 ☾ ○ # ~ / a 4 ♥ ◐ / r # / ♥ ♥ R ~ R R X # ⊗ ◇ ○ # # / X @ r r 4 • ☾ / M R ⊗ ◐ / 3 3 R ♥ a • # ⊗ ◇ 3 r 5 # / ☾ • a • ◇ @ r M
◇ ◇ a ⊗ a a ○ r @ / 5 • 5 a ◐ 3 a @ r ☾ ♥ 4 M ⊗ R ◐ @ a X 4 3 @ r ○ @ ⊗ M ◇ 3 @ / M r ◇ # ~ / 3 ~ • 5 a 5 5 • 5 ☾ / M r a # M ⊗ ♥ M @ ◇ ◇ ♥ ~ ♥ M r # ☾ a ☾ X ♥ ☾
○ ○ ♥ ♥ ~ ☾ 3 a 5 X ○ • X ♥ M ♥ M r ☾ 5 # M ~ ☾ ~ / 4 5 ☾ ~ R X # a @ M # a ♥ # ◇ 5 3 M 3 ~ @ M @ M 3 ◐ ⊗ ⊗ ♥ # / X ⊗ r ♥ a a a ~ ◐ ♥ • 3 ○ 5 a a X X r 3 ◐ a ☾ •
a ○ ◐ a M # ○ 5 # # 4 5 X a ☾ ○ 4 ◐ a 4 / / X / ◐ • 4 X 4 ☾ 3 ⊗ @ 3 ◐ • ☾ ◇ a ○ ♥ ~ a r 5 r r ~ / M ☾ @ ◇ a • ~ ♥ # R 4 ♥ # ◇ r 3 ~ ~ r ○ 3 ○ # 3 R X ◐ a / X R ◇
@ M ♥ 4 ☾ 4 ○ • r R R a a M • a ⊗ 5 ◐ ♥ ⊗ M M ♥ a a ⊗ X ☾ ⊗ ☾ a M r M r R 3 # 4 ○ ~ ♥ ◐ • ~ • a r R @ R 4 ○ ⊗ ☾ R R 3 R 3 3 ⊗ # 3 3 M 5 • ○ ~ ~ ◐ # r ○ 3 ~ ~ @ X
4 a • ⊗ @ ☾ r / r • • a X ○ ♥ 3 @ ○ ♥ 4 ◇ a a R 5 3 a a ~ @ ⊗ a 4 ♥ # R ☾ a R @ ⊗ R ♥ X @ @ M 5 • ◇ # a M 4 ~ @ R • a ☾ ♥ r 5 ⊗ / ~ • r ~ ○ ☾ M ☾ 5 ~ ☾ @ 5 5 X R
◇ ◐ a 4 a X 3 r 4 5 ~ ♥ R 5 X r # M ☾ M / 3 4 ~ @ a ~ r a r R ~ M ○ a ◐ ☾ R M a R # 3 4 ◐ / M ◐ ~ a 5 R ♥ ◐ ♥ 5 a 5 # ⊗ ○ R @ ◇ a ◇ ♥ a ◐ r 3 M 4 @ ◇ ○ 4 ◇ a ○ r
# R # r a • a ~ ~ # a 4 ♥ 5 R ♥ r 4 ♥ ♥ ♥ ◐ ~ a X 3 • R r ◐ M ◇ a 3 • r M X M ◇ • ○ ♥ 5 # r ~ ♥ @ ◇ R ~ 5 3 @ M 3 # @ @ a R ~ a ○ ◐ • 5 ☾ 3 5 / ⊗ • 4 ♥ a r ◐ / 3
@ r ⊗ ◇ 4 • ♥ ⊗ ☾ 5 M • a 4 r # ○ ◇ ♥ 5 R ☾ ○ 3 a @ X ♥ r • 3 a @ # # M R ◇ / ◇ R R ○ / a 5 ◇ ⊗ r 3 ○ ◐ ◐ 3 M ◇ # 5 r r 3 ◇ X 4 a X ⊗ • a a M r ◐ 5 3 r a a @ 3 ◇
# / ○ • ☾ 5 ◇ ☾ ⊗ / 4 3 ○ @ 3 3 ☾ M a ◐ ~ 4 R ○ X 4 4 M 3 ○ ☾ ♥ • ○ ○ # ⊗ ◐ r @ a ◇ a / r ~ a a X a ~ a 4 @ / a a / R ◐ 4 • # • ⊗ ♥ ~ / a ♥ ◇ X ⊗ ☾ X ☾ ☾ 4 R M a
# M @ # ○ a 3 ~ @ R ⊗ ☾ X ⊗ ◇ # X 5 ☾ 4 R ⊗ ○ a ~ a ○ ○ ◐ M R 3 R 4 ♥ # 3 ~ X ◇ / ~ @ R a X ♥ # @ R a 5 R ♥ ♥ / ☾ R a 5 ♥ ☾ ♥ 4 ○ @ ♥ r a ◇ a ◐ a # / a 5 @ a 5 3
4 ⊗ @ a R a ◇ a r # @ @ a @ a ○ @ ~ r ~ 3 ◐ # ◇ 5 a ♥ X @ 4 ~ R ⊗ @ a 3 @ / ◐ # ⊗ ⊗ 4 ☾ ~ 4 3 ⊗ 5 X a @ • 5 / ○ R # ◇ ○ # • a r ◐ 4 @ ☾ X @ M a ☾ 3 • ○ ~ ☾ R # R
@ R X a ◐ 5 ○ r ◐ X # ○ M R 3 4 R ~ ○ ⊗ ○ ⊗ X R a ☾ # a ◐ ♥ ☾ ~ ♥ a X 5 R ◐ a a ⊗ a ♥ a 3 X a ◐ 4 ◇ M X ~ X • 5 • X 5 M @ ◐ # ◇ 5 4 / 4 3 ◇ ○ M ◐ / ◐ ♥ 5 M ~ ○ /
a 3 ◇ • # 4 a 4 • 5 r 5 a ⊗ R @ ○ R ○ ~ a a ~ ⊗ ◐ 5 / M ♥ a / X ♥ ♥ / • @ 3 M @ X ⊗ # ◇ 4 @ R @ ◐ / X a R ○ @ ♥ / 5 ~ 4 # ☾ ~ • a ⊗ / ☾ M ○ 5 ◇ 3 a a ☾ ○ @ ◐ ◇ /
◇ a ♥ a @ • @ 3 ○ ◐ ○ ~ R 4 / a • # ☾ R ◇ ☾ ~ M X ~ ⊗ a @ 5 a ♥ ◇ ◇ @ 3 ☾ ◇ ◇ ⊗ # r @ @ ~ 5 X 3 ~ ☾ @ X M 3 ♥ 4 5 ◐ • ◇ ○ ◇ M # @ a ♥ ~ ~ a 5 ○ ⊗ ○ r ♥ ~ a a M ◐
☾ # r r ☾ # 4 ○ M # ☾ ◐ ○ a / ♥ 3 ○ ○ M R ◐ ♥ • R 5 ☾ R 3 ☾ • / ◐ @ r ◐ • ◇ # ◇ r ~ # a r 4 ♥ X R / / R 4 a ~ X 4 # ○ M 4 # a a M ~ / a a @ 4 ☾ M a ♥ ♥ ☾ ◐ 5 r 4
X 3 # # ~ ◇ ♥ X r ◐ X ☾ M @ ◐ ◇ ⊗ R ♥ 4 ⊗ 3 ⊗ 4 a ○ / ○ ☾ ☾ 3 ☾ M ◇ • # a • ☾ 3 # / ○ a • ◐ / ◇ 4 ◐ R 5 4 4 / • a ◐ ☾ 5 @ • M a 3 • • r 5 4 X 5 ◐ ⊗ a a 3 / X ◐ r
☾ r @ • 5 3 # ◐ ♥ ◐ @ a ♥ ♥ 4 @ 5 ♥ 4 4 M ⊗ ◇ R R ~ ♥ M ◐ ~ @ M ☾ ○ M R / 4 5 X ☾ X 4 r • ~ ☾ ♥ R 3 a a @ M • @ ○ ◐ ◇ ~ a a r • X X @ r ◐ ♥ • M M ◐ • ☾ 5 ○ X X ○
# R M ◇ ⊗ ○ @ ◇ a r R a X r r ◇ ◇ ~ ~ @ • M ⊗ ◐ R ☾ R ♥ 4 # a ◐ • a M X 3 ♥ / 3 r M @ ◇ 5 R M X @ ◇ ♥ ◐ # R ♥ a 4 r 3 ~ ♥ 5 @ a ⊗ 4 ♥ 3 ♥ # @ 3 M / ☾ 4 M ⊗ a 4 a
M R ⊗ a ◇ • # @ 5 # ○ a r ♥ ◐ ○ ○ 4 a ○ 4 ◐ / r ◐ 3 R r ○ ◐ @ # ♥ @ ~ a ~ r @ # X ○ a ◐ M 4 ◐ ○ ◐ ◇ ○ X r @ • • / # • R ◇ a / 4 a ○ ~ ○ ⊗ @ R • 3 5 ☾ ○ ◇ r X 5 /
X ◇ / 4 4 ~ ○ 3 ☾ a • X M ◇ a a # a ○ X R M ◇ M a 5 a r 4 R ☾ ♥ X 4 ◇ ~ a a 5 ⊗ R ○ ♥ ~ a R 3 @ 4 • ◇ R ○ • • ⊗ 3 a a # @ a R # a ♥ / X a # ⊗ # ◐ a ~ # a ○ R / ☾
⊗ 5 a • / ◐ 4 ~ ☾ 5 3 3 r R / @ M ⊗ ◇ ○ ◐ M ♥ # 5 a 3 M ⊗ ♥ • ◇ R ◇ a # ~ 5 # X # # ◇ ◐ ♥ X ◇ a 5 4 • a ◇ R R M # 5 ♥ ○ ◇ ◐ M • ~ # 5 ◐ # # 4 X ☾ @ ○ ~ M a ♥ / 3
◇ ~ X 4 ♥ ☾ @ ◐ ~ ♥ ⊗ M a @ ◇ 4 a r ~ ◇ r @ ○ # X ♥ # r ♥ ~ a ⊗ r # ♥ 4 ☾ • r M 5 5 @ ○ 4 ◐ ◇ 4 R ♥ M a X 4 ◇ @ 3 ♥ a R # • ♥ ◇ ♥ / ◇ ♥ ⊗ 4 a X ⊗ M ◐ # ○ ◐ a R ~
3 • 5 4 5 a a ⊗ # 3 5 ~ ♥ @ # ◇ ◐ ~ ◇ X M ◐ ⊗ 3 r a a a ◐ 4 / r 3 @ 3 ☾ / / X ◇ @ ⊗ ◇ @ 5 4 ⊗ M X r 3 R @ ♥ X ◇ ♥ 3 M ◇ a • ○ a R ⊗ 5 @ ◐ @ @ r • 3 R ♥ 5 ☾ ○ ☾ ♥
X ◐ a ◇ ○ a ◇ # ◐ ♥ ◇ a M ○ ☾ # R / ♥ @ # ~ a 5 M M ☾ ♥ ◐ a @ 5 ◇ # a r a r 4 ☾ • 3 # ☾ 3 5 r a 4 a • ○ ~ 5 / r • ♥ ◐ ~ @ r ◇ ⊗ ♥ ☾ • 3 @ a ◇ ~ ○ X ♥ 4 5 3 X a ◐
3 ☾ ⊗ • 4 a ◇ 4 R ◐ ○ 5 ○ / ♥ @ 4 X a ~ # ⊗ 5 • r ○ R M a ⊗ ~ X a # R • • ~ ~ X 5 / a ☾ ☾ R 5 @ X 5 ○ M ○ ♥ ◐ ♥ @ ◐ • 4 4 @ 5 • # / R ☾ @ ◇ r ◇ • 4 ☾ ~ 4 ~ a ◇ @
3 ◇ ◇ 3 R @ @ • ♥ a # ◐ r 3 / # / M ~ ○ 3 • R @ R 5 ⊗ ○ ~ X a a 3 4 X • @ ⊗ ◇ ☾ ☾ ○ @ 5 @ X X • X • X ♥ • / ◇ ☾ ◐ a 5 a ◇ ⊗ M ⊗ R ♥ ◇ ◐ X ◇ ♥ 4 M a 4 a X ◇ M @ 5
⊗ 3 ◇ a • 3 ◇ ♥ ☾ 3 M ♥ a M @ # M ○ 4 • 5 ○ a ◐ ♥ 5 M r M ~ ~ • R @ ♥ 5 @ ☾ 4 3 # R 4 4 ○ 4 a R 5 / @ X 3 a ◐ a 3 3 r ⊗ # 3 3 4 ~ R X ⊗ ◇ @ ◇ 3 ~ a a ○ • ◐ a a 3
X • ☾ M ~ M # ◐ 4 r a ⊗ M • 5 4 • ○ ○ 3 • • / # M 4 • a ~ / ~ ⊗ / M / a a ~ 3 M # X ◇ ♥ 5 X 5 ⊗ 4 r X r ⊗ ◇ • X a r @ r @ ~ • ☾ @ R / # ♥ ☾ R X ○ ☾ 4 ◇ @ X R a r
M a ◐ 5 a ~ M ○ a 5 ◐ a a # 3 @ R # # ⊗ @ M ⊗ a ○ @ 4 M X X / / / ◇ ☾ a @ a r X / a 3 4 R X • ♥ ○ ~ ☾ M 5 ⊗ X X r 5 ⊗ ~ 3 4 ○ 5 ♥ a ◐ 4 X # @ / @ ♥ X ~ R ♥ ○ r r
☾ ♥ / M M a @ a ⊗ ○ R # a ○ r M 3 • ~ • ◐ ~ ⊗ r X ⊗ R a M a a X ◐ ☾ M ♥ ~ r / ⊗ a ☾ @ M ○ ♥ / ♥ R ⊗ ♥ r ◇ ♥ ◇ ○ a ○ 3 / # r X 3 M 3 ◇ ⊗ # M @ • ⊗ R ☾ ◇ ⊗ 3 M ◇ 4
☾ a ☾ 4 4 5 ⊗ R X 3 4 ⊗ # ♥ r ◇ a ⊗ # ◇ # ○ X a a @ ◐ a a ○ • ☾ 4 X ◐ 4 5 r • ☾ ○ # 3 ♥ ☾ 4 X ◇ a ☾ r R ○ @ R / R 3 R X ⊗ a X a ◇ # ◐ ♥ @ X ○ ◐ / 5 M ◇ 4 4 ♥ ◐ R
X M • 3 ⊗ ◐ ◇ / ~ ○ ◐ ◐ / M 4 ☾ # 3 ◇ ○ a @ 3 ~ M R r # 4 ○ @ 4 r ☾ 3 • a 3 ◐ 3 a 4 # 5 a ○ ☾ / ⊗ ~ # ♥ # ~ / 3 3 ○ 4 M X 3 r M M a 5 ◐ a ⊗ / a ○ # @ a a 4 X ~ ☾
☾ ◐ ◇ 5 @ ♥ 3 ~ / ○ / @ ◇ r ~ X @ / 4 ○ r ⊗ 4 3 a ⊗ / / ~ # X ◇ ◐ # ◇ 3 ◐ ○ M X 4 ☾ ⊗ ◐ a R 4 M a a X M M X 5 M ⊗ ○ r ○ M ♥ ☾ 5 / ☾ X ◐ 4 ◇ 3 r / ~ a ~ @ ⊗ r / ⊗
3 • X ☾ # ⊗ X r X r • @ r ◐ ☾ ☾ 4 ○ ~ M a / # 4 R 4 # ◇ ○ • a ~ a M ◇ ☾ @ X r @ ◐ X X 4 M a ◇ ☾ X r M ○ a 3 ◇ 5 ~ r a ○ ◇ X ◇ M # R ◇ a M 3 M ♥ M ☾ ◐ 4 ◇ R M ○ @
/ 5 R a r a 3 M a 3 R X 4 X ⊗ # a R a a ~ ○ ☾ ~ ○ a # r R ⊗ X a / X • @ R ◐ ♥ 3 / • M ~ X ⊗ ~ • ○ r ⊗ r ◐ ♥ 5 3 r 3 3 # ☾ 5 4 4 ♥ ⊗ R R a X • a @ @ ◐ # r ~ r @ 4
X r r ⊗ ○ # # a ○ a 3 ◇ / r @ M a X # ◐ 3 / r r M @ 3 4 ○ 3 ~ X ◇ ⊗ r ○ a ♥ a • • • ◇ ⊗ @ a a ♥ ⊗ 3 / a R a 5 # 5 a ♥ • X ♥ 3 3 ♥ M ◐ / @ 3 # • ○ 5 ○ 3 ♥ • a ☾ ◐
• @ @ 5 ☾ ⊗ ⊗ ⊗ ○ ♥ a ♥ 4 • r X ◇ a ☾ R 4 / X 5 ♥ ♥ 5 / # / 5 r # ◇ 5 5 R @ • r a 5 ☾ ~ / X r X ♥ ○ a M 4 # R ◇ 5 ♥ X ⊗ ☾ ~ X 5 ⊗ • 5 ~ • # ○ ☾ ~ M • ~ ◇ X ♥ ☾ 5
☾ ⊗ ◇ ⊗ X ◐ X ~ # ♥ # r a M ◐ ⊗ 5 ☾ ~ r ☾ @ R • r X • 4 X ○ a # ☾ 3 r R ~ 3 ☾ / @ a X R R ○ r R R X X a / ~ ◇ M ♥ ◇ 5 3 # 3 / ☾ X 4 ◇ X R ⊗ ♥ ☾ • ◇ 4 3 R 4 M • ○
@ 3 a ⊗ @ @ M # • 3 @ # ◇ M 5 ◇ ~ # ☾ / r ○ # 5 r ♥ @ a ~ R ◐ ◐ ♥ X a ○ ◐ ☾ ☾ ☾ M a ☾ M a ⊗ 3 r r ◐ 5 a M M X r M 3 ◇ / M 3 • M • R 5 M ⊗ X M ~ • a # ◇ @ ○ ○ 4 M
r R 3 ☾ R @ ◇ a ⊗ ◇ 4 @ / R ○ 3 • 4 ◇ M • ~ 5 M M ◇ ◐ ◇ ~ @ @ @ / 3 5 ☾ a ◐ ~ ~ 3 5 # 4 ♥ ♥ ◐ 3 ⊗ ♥ a ○ • M ◐ ◐ a ◇ ~ ○ X ◐ ◐ ⊗ X ◐ 5 a ♥ M r ○ ○ / M ⊗ @ ♥ r ♥ 4
@ 4 a 5 ○ X ☾ ○ 3 ○ a M # ☾ M X ○ ☾ M ⊗ • • @ a r R # / ♥ R R / @ 3 • a 5 ⊗ ○ r @ r M 4 ◐ R @ ◇ r @ ⊗ M R / ○ X ◇ ○ @ R ⊗ M a 5 a r a 4 ♥ ☾ ◐ ◐ • ○ ◐ R ○ # a r ◇
3 r / 3 • ◇ X 3 / a a 4 4 a 4 3 ~ X R R 5 • • ♥ a @ a # • ☾ a ♥ 5 ⊗ / a @ # ◐ ~ 4 • X @ ◇ r ◐ a r 3 ◇ ◇ 3 r ◇ 4 ⊗ a @ X ☾ # r ⊗ • / ◇ ~ ◇ ☾ X ~ / 5 ~ M / / M M M
• a / M 3 ♥ ☾ X ○ @ ◇ / a ◇ ◇ 3 ☾ • ⊗ 3 M ○ 5 4 ◇ @ r 4 ☾ ○ R @ 3 X r M X 4 R 3 a # ⊗ ○ • ⊗ ♥ 3 ♥ ☾ ◇ r a X ○ 5 5 @ ◐ a 3 a 5 ⊗ ⊗ # r # / X 4 ♥ R ♥ @ # 3 ⊗ a ♥ 5
r 3 ◐ M ⊗ X 3 ~ R 4 5 a / 3 M ⊗ 3 ⊗ # a a 5 ☾ 5 M ○ a a ⊗ r R 3 r M ☾ X a • ♥ / a ◇ ☾ X M r @ R ⊗ ◐ ☾ 4 # ◐ 5 / @ 4 M ☾ X ⊗ a ☾ M # ◐ a M ☾ • ☾ ○ 4 R ☾ M ◇ a 5 ~
/ ♥ 4 5 5 ○ M R @ ♥ ~ @ a a 5 X • • 3 # ♥ / # 3 # / ~ / / ◇ ◐ ☾ r ☾ 4 3 X ♥ ☾ r ☾ 3 3 ○ # r 3 / ○ ⊗ ◐ / @ a r / ~ ♥ # # 3 ○ • 5 X 3 ○ ○ ☾ 3 M r X X ◇ R • / # ◐ ~
☾ X r / ☾ @ X ♥ R # • • a R ~ M a a R 3 4 R # ☾ r 3 3 a ◇ X a / 4 ☾ ☾ M R ◐ 4 • ♥ ○ X ◇ ⊗ ♥ ☾ M a # / 4 r M ☾ R X # a 4 3 ◐ ◇ @ ◇ 5 ☾ # • M / a • • ○ ☾ # ♥ / r R
~ 5 ○ ⊗ # a ⊗ • ☾ @ ○ R # X ☾ ☾ ♥ R 3 r 5 # / @ a M ⊗ a ♥ ⊗ 5 4 ~ X ~ ~ 5 ○ a ~ R • 3 X ○ ⊗ ◐ / a 4 ~ a R ◇ a ☾ # @ • ☾ ⊗ 5 ◇ M r • ○ X ♥ X R 4 ◐ @ r ◇ ○ ~ ◇ ~ #
r ◇ a @ # 4 ☾ ☾ ○ # ~ ⊗ / ◇ R ☾ a 5 ◇ R 3 X a ○ / • ~ 3 ○ ⊗ X ○ ☾ ☾ a a a a ⊗ @ 5 ~ 3 @ @ ○ 4 4 ⊗ ⊗ 5 ◇ a # ◐ a ♥ # # X X a ☾ / ◇ @ 5 ~ X ⊗ ☾ X # a ◇ M ♥ ~ r ⊗ ○
~ ~ / ♥ M M @ ⊗ r ○ ☾ ♥ ☾ ◐ # X M r ⊗ R ☾ • ○ 5 a # r / ⊗ • X r ⊗ 3 r 5 ◐ R X r ○ ◐ • ~ @ a ○ X a ♥ ◇ / ◇ ☾ ♥ ◇ R ○ ○ • / X ○ ♥ ☾ ◐ r ~ R ☾ a ☾ ◐ • @ R M R 4 ☾ a
@ 3 ☾ ~ a a X ◐ ◇ 4 3 ♥ 4 ~ ◐ ~ ○ • R ◇ @ ◐ a R a ○ 5 ☾ a a a ⊗ @ / r ◐ X / ~ @ ~ ☾ X ○ X a 4 ◐ r ◐ r # 5 5 ☾ @ ○ 4 ♥ ⊗ ☾ / / / a # ☾ ♥ r @ ◇ M / ⊗ ⊗ ⊗ r 3 / R ◇
/ @ 3 M ◐ @ @ ☾ X @ • ◇ ⊗ / R 3 5 # M 5 ○ # 4 ○ # ♥ • 4 5 R X ♥ r X 3 ♥ R ~ M @ ☾ a / ⊗ ☾ ⊗ ⊗ a # ◐ a r ~ / ♥ a ~ @ a 5 ~ @ ~ ⊗ X a a • 3 r @ @ X M ⊗ 3 ◐ ○ 4 M ~
r ◐ ~ • R • 3 ◇ ⊗ a a ◐ ◐ ◐ ♥ / 5 ◇ 3 ~ 5 ◐ ◐ ☾ / M ♥ ⊗ R 5 R ◐ ◐ • ◐ • a r X • 3 a ☾ # ♥ a ♥ / • a 4 a • 3 5 a a a X a r X 5 @ X r ◐ ☾ ◇ @ a a # @ • 3 X a a 4 ⊗
• M ♥ ♥ 4 R • # ⊗ ◇ ♥ M ⊗ 3 ~ r r 3 ☾ • R / / a ◇ r M ◐ a r ♥ ◐ 5 ☾ @ a a M a r 5 a ~ ⊗ r r ◐ ◇ ◇ R @ / ○ 5 a r a ◇ / R ~ ⊗ ☾ ♥ # a ♥ ⊗ a 3 R ◐ R ◇ a R 4 ◇ ◇ 4 a
◀
Santa
Design by Angela Pullen
Atherton of Pullen Designs
Skill Level: Intermediate
Materials
• 20" x 16" piece 28-count blue spruce/ French blue Cashel linen from Zweigart®*
• One skein each DMC® or Sullivans® USA six-strand embroidery floss*
• Size 24 tapestry needle
• Professionally framed*
*See Where to Find It on page 67.
DMC® Sullivans®
•	blanc 45001 white
✿ 902 45252 garnet, vy. dk.
◐	902 45252 garnet, vy. dk.
815 45217 garnet, med.
#	815 45217 garnet, med.
3	816 45218 garnet
⁘ 816 45218 garnet
347 45072 coral, dk.
@ 347 45072 coral, dk.
○	3328 45339 salmon, med.
347 45072 coral, dk.
☾ blanc 45001 white
032 KBF	pearl
◇ 747 45188 sky blue, vy. lt.
032 KBF	pearl
b	3761 45381 sky blue, lt.
032 KBF	pearl
«	3752 45376 antique blue, vy. lt.
032 KBF	pearl
a	640 45148 beige gray, vy. dk.
//	3790 45396 beige gray, ul. dk.
M 3781 45393 mocha brown, dk.
◒	3781 45393 mocha brown, vy. dk.
3031 45323 mocha brown, vy. dk.
◑	500 45109 blue green, vy. dk.
4	500 45109 blue green, vy. dk.
501 45110 blue green, dk.
⊗ 501 45110 blue green, dk.
↙ 502 45111 blue green
8	890 45243 pistachio green,
ul. dk.
⊙ 319 45060 pistachio green,
vy. dk.
X	367 45080 pistachio green, dk.
r	320 45061 pistachio green,
med.
♥	319 45060 pistachio green, vy. dk.
986 45307 forest green, vy. dk.
5	986 45307 forest green, vy. dk.
++ 987 45308 forest green, dk.
■	3799 45397 pewter gray, vy. dk.
¢	420 45092 hazelnut brown, dk.
R	869 45242 hazelnut brown,
vy. dk.
30 Just CrossStitch JUST-CROSSSTITCH.COM December 2015	FIND US @ www.facebook.com/JustCrossStitchMagazine
